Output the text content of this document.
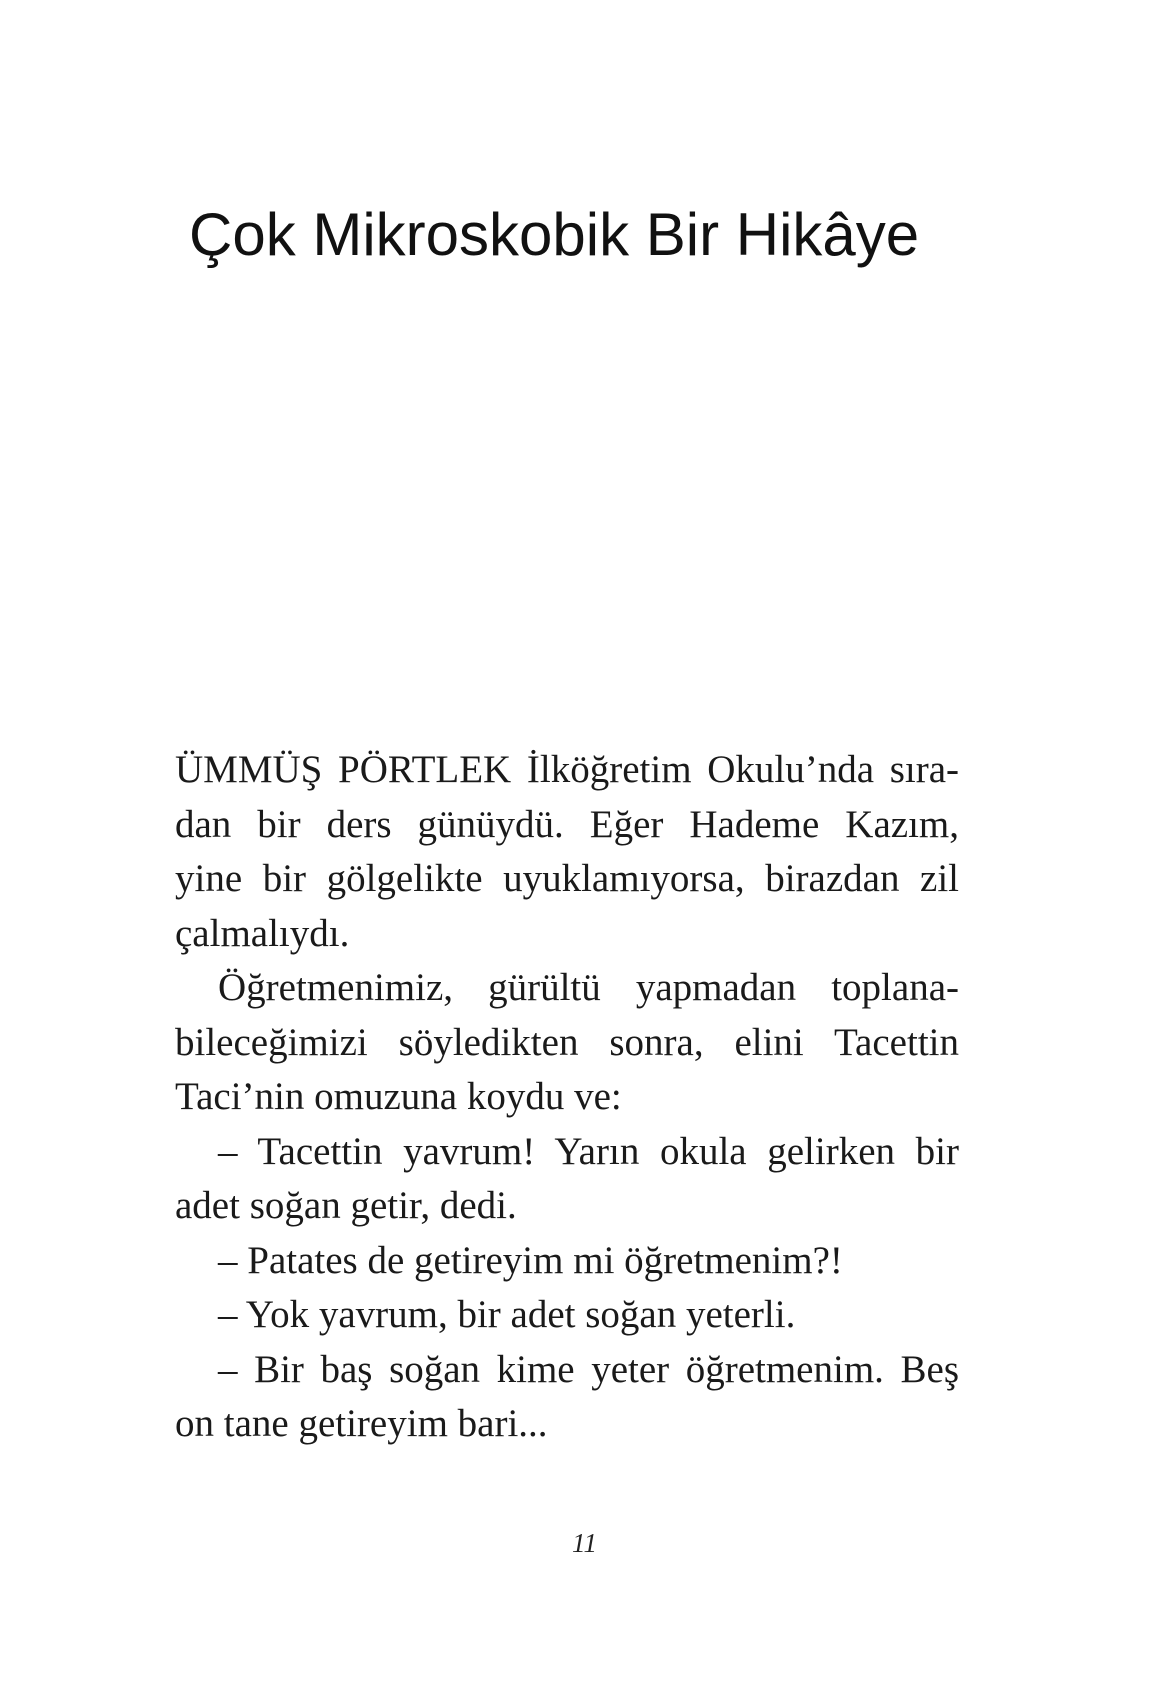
Çok Mikroskobik Bir Hikâye

ÜMMÜŞ PÖRTLEK İlköğretim Okulu’nda sıra-
dan bir ders günüydü. Eğer Hademe Kazım,
yine bir gölgelikte uyuklamıyorsa, birazdan zil
çalmalıydı.

Öğretmenimiz, gürültü yapmadan toplana-
bileceğimizi söyledikten sonra, elini Tacettin
Taci’nin omuzuna koydu ve:

– Tacettin yavrum! Yarın okula gelirken bir
adet soğan getir, dedi.

– Patates de getireyim mi öğretmenim?!

– Yok yavrum, bir adet soğan yeterli.

– Bir baş soğan kime yeter öğretmenim. Beş
on tane getireyim bari...

11
